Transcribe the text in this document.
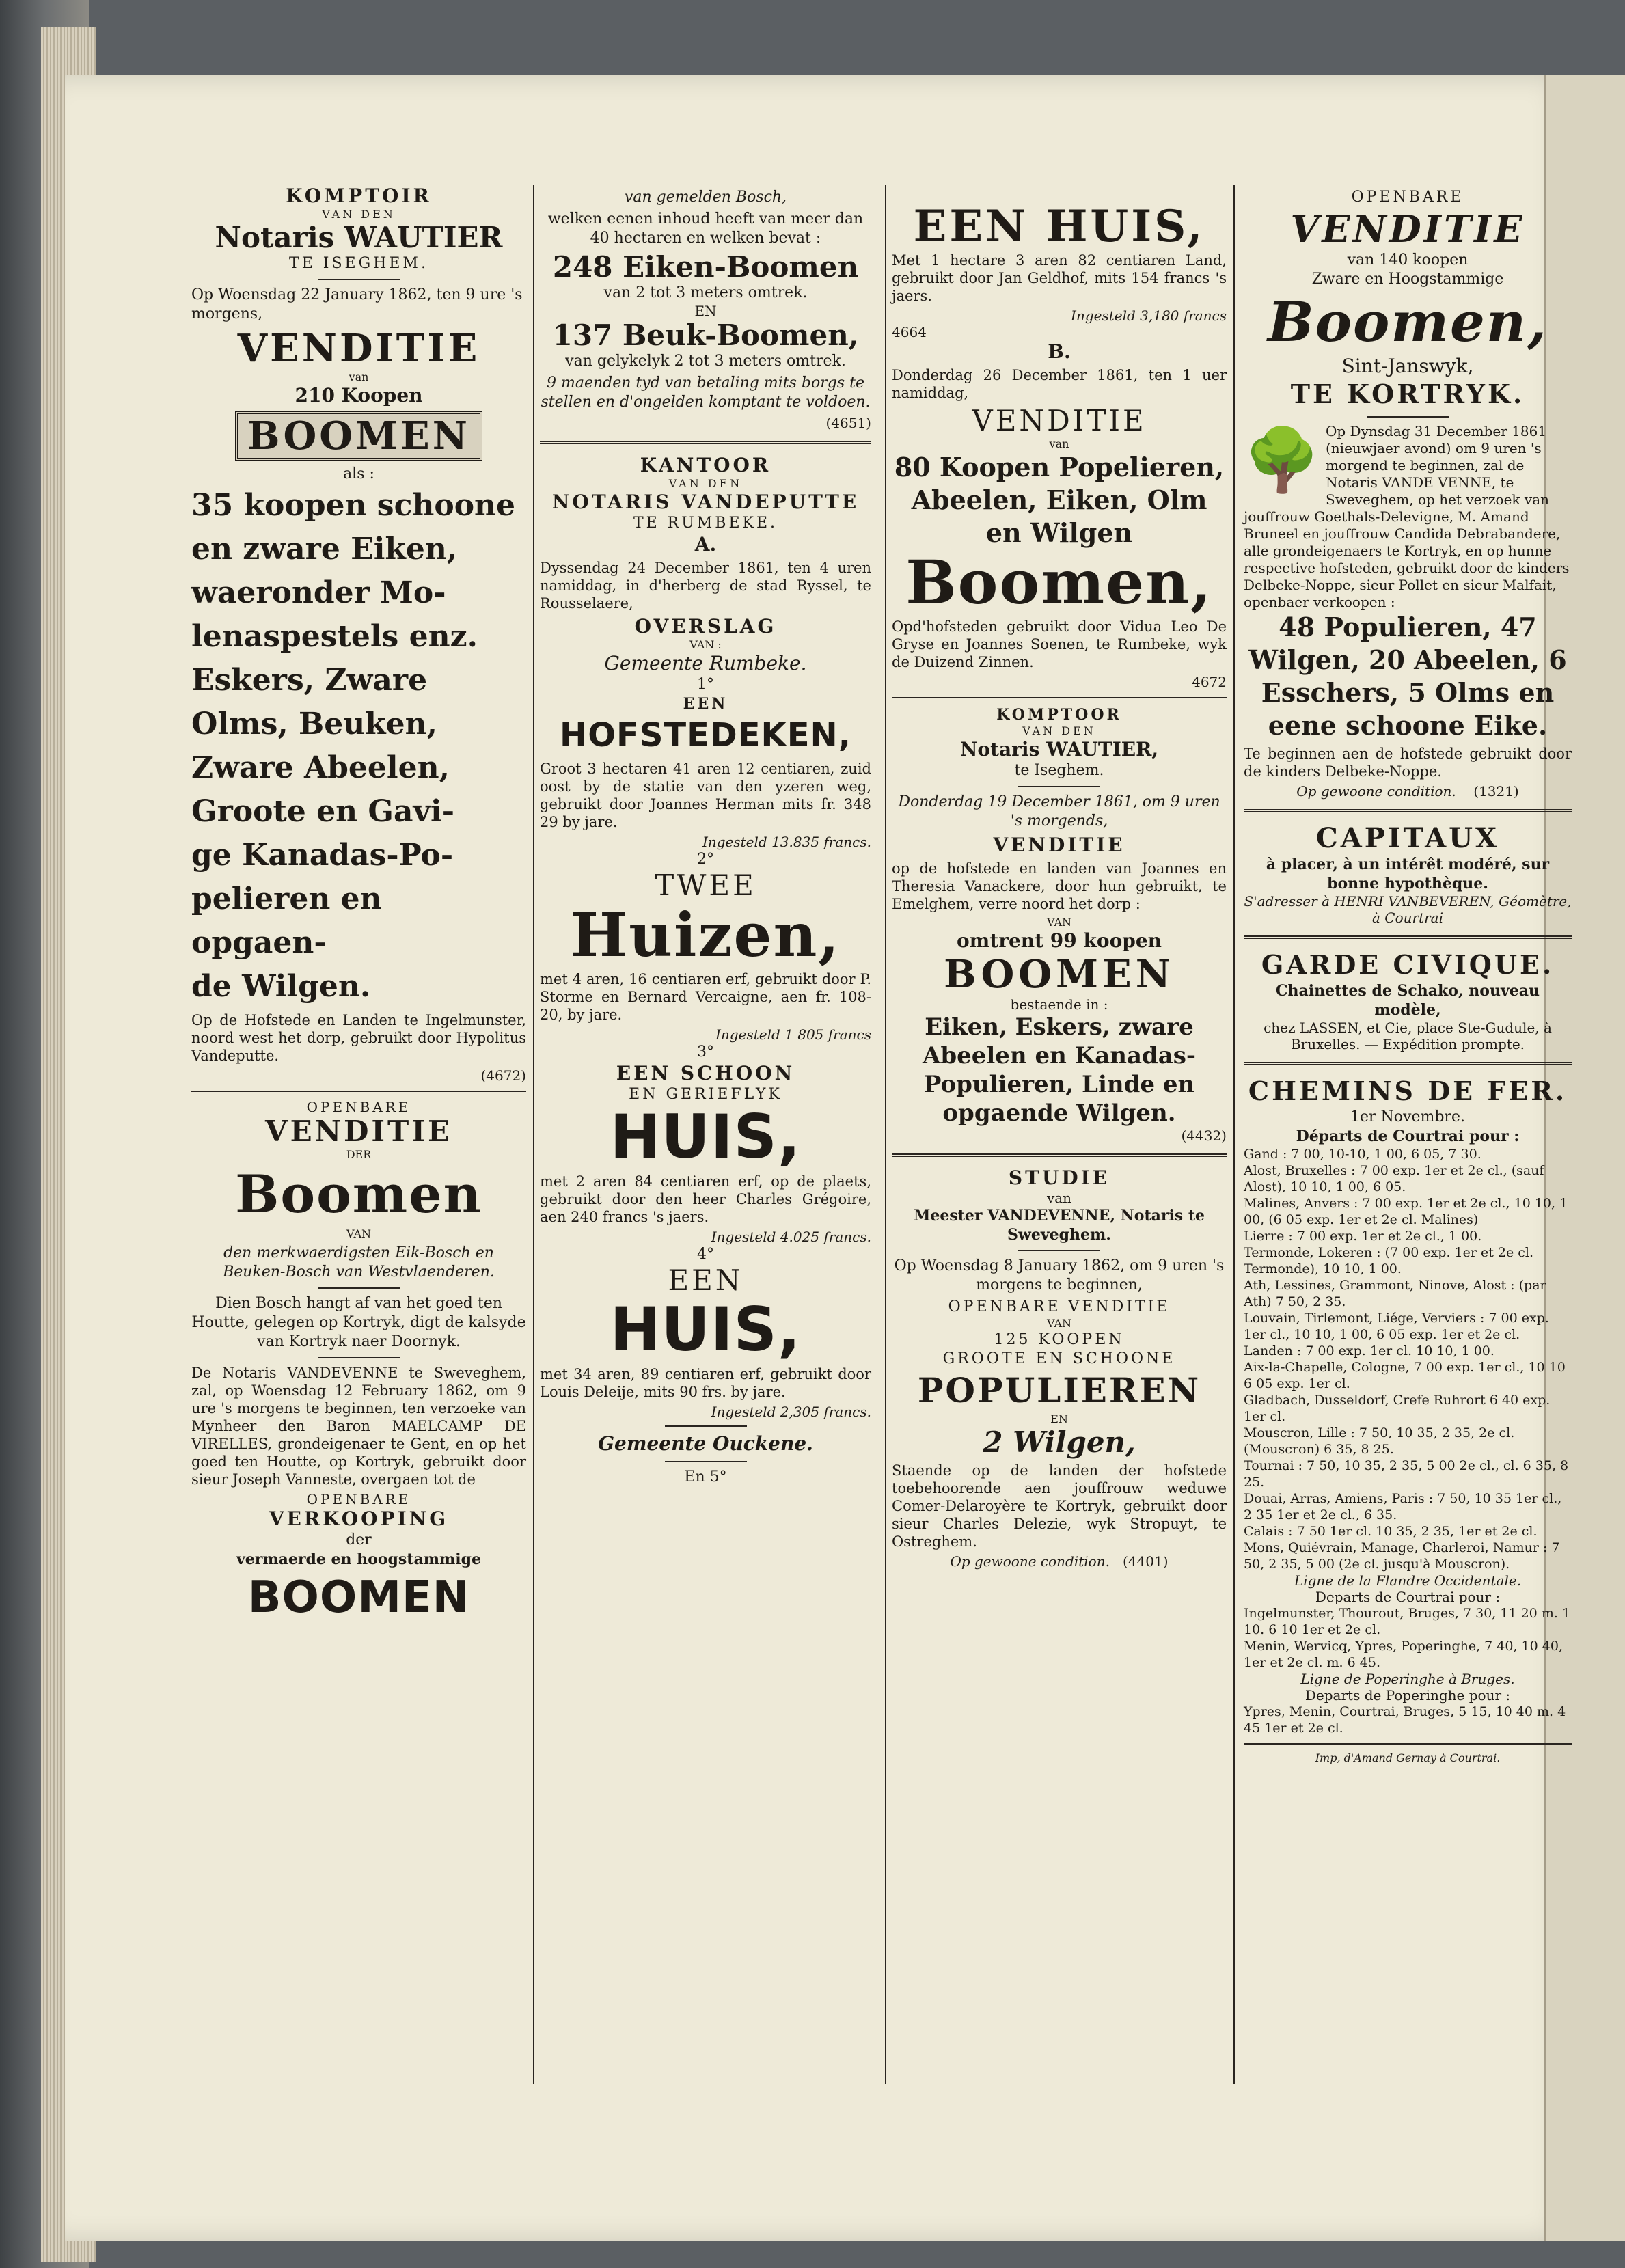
KOMPTOIR
VAN DEN
Notaris WAUTIER
TE ISEGHEM.

Op Woensdag 22 January 1862, ten 9 ure 's morgens,

VENDITIE
van
210 Koopen
BOOMEN
als :
35 koopen schoone
en zware Eiken,
waeronder Mo-
lenaspestels enz.
Eskers, Zware
Olms, Beuken,
Zware Abeelen,
Groote en Gavi-
ge Kanadas-Po-
pelieren en opgaen-
de Wilgen.

Op de Hofstede en Landen te Ingelmunster, noord west het dorp, gebruikt door Hypolitus Vandeputte.

(4672)
OPENBARE
VENDITIE
DER
Boomen
VAN

den merkwaerdigsten Eik-Bosch en Beuken-Bosch van Westvlaenderen.

Dien Bosch hangt af van het goed ten Houtte, gelegen op Kortryk, digt de kalsyde van Kortryk naer Doornyk.

De Notaris VANDEVENNE te Sweveghem, zal, op Woensdag 12 February 1862, om 9 ure 's morgens te beginnen, ten verzoeke van Mynheer den Baron MAELCAMP DE VIRELLES, grondeigenaer te Gent, en op het goed ten Houtte, op Kortryk, gebruikt door sieur Joseph Vanneste, overgaen tot de

OPENBARE
VERKOOPING
der
vermaerde en hoogstammige
BOOMEN
van gemelden Bosch,

welken eenen inhoud heeft van meer dan 40 hectaren en welken bevat :

248 Eiken-Boomen
van 2 tot 3 meters omtrek.
EN
137 Beuk-Boomen,
van gelykelyk 2 tot 3 meters omtrek.

9 maenden tyd van betaling mits borgs te stellen en d'ongelden komptant te voldoen.

(4651)
KANTOOR
VAN DEN
NOTARIS VANDEPUTTE
TE RUMBEKE.
A.

Dyssendag 24 December 1861, ten 4 uren namiddag, in d'herberg de stad Ryssel, te Rousselaere,

OVERSLAG
VAN :
Gemeente Rumbeke.
1°
EEN
HOFSTEDEKEN,

Groot 3 hectaren 41 aren 12 centiaren, zuid oost by de statie van den yzeren weg, gebruikt door Joannes Herman mits fr. 348 29 by jare.

Ingesteld 13.835 francs.
2°
TWEE
Huizen,

met 4 aren, 16 centiaren erf, gebruikt door P. Storme en Bernard Vercaigne, aen fr. 108-20, by jare.

Ingesteld 1 805 francs
3°
EEN SCHOON
EN GERIEFLYK
HUIS,

met 2 aren 84 centiaren erf, op de plaets, gebruikt door den heer Charles Grégoire, aen 240 francs 's jaers.

Ingesteld 4.025 francs.
4°
EEN
HUIS,

met 34 aren, 89 centiaren erf, gebruikt door Louis Deleije, mits 90 frs. by jare.

Ingesteld 2,305 francs.
Gemeente Ouckene.
En 5°
EEN HUIS,

Met 1 hectare 3 aren 82 centiaren Land, gebruikt door Jan Geldhof, mits 154 francs 's jaers.

Ingesteld 3,180 francs
4664
B.

Donderdag 26 December 1861, ten 1 uer namiddag,

VENDITIE
van
80 Koopen Popelieren, Abeelen, Eiken, Olm en Wilgen
Boomen,

Opd'hofsteden gebruikt door Vidua Leo De Gryse en Joannes Soenen, te Rumbeke, wyk de Duizend Zinnen.

4672
KOMPTOOR
VAN DEN
Notaris WAUTIER,
te Iseghem.

Donderdag 19 December 1861, om 9 uren 's morgends,

VENDITIE

op de hofstede en landen van Joannes en Theresia Vanackere, door hun gebruikt, te Emelghem, verre noord het dorp :

VAN
omtrent 99 koopen
BOOMEN
bestaende in :
Eiken, Eskers, zware Abeelen en Kanadas-Populieren, Linde en opgaende Wilgen.
(4432)
STUDIE
van
Meester VANDEVENNE, Notaris te Sweveghem.

Op Woensdag 8 January 1862, om 9 uren 's morgens te beginnen,

OPENBARE VENDITIE
VAN
125 KOOPEN
GROOTE EN SCHOONE
POPULIEREN
EN
2 Wilgen,

Staende op de landen der hofstede toebehoorende aen jouffrouw weduwe Comer-Delaroyère te Kortryk, gebruikt door sieur Charles Delezie, wyk Stropuyt, te Ostreghem.

Op gewoone condition. (4401)
OPENBARE
VENDITIE
van 140 koopen
Zware en Hoogstammige
Boomen,
Sint-Janswyk,
TE KORTRYK.
🌳 Op Dynsdag 31 December 1861 (nieuwjaer avond) om 9 uren 's morgend te beginnen, zal de Notaris VANDE VENNE, te Sweveghem, op het verzoek van jouffrouw Goethals-Delevigne, M. Amand Bruneel en jouffrouw Candida Debrabandere, alle grondeigenaers te Kortryk, en op hunne respective hofsteden, gebruikt door de kinders Delbeke-Noppe, sieur Pollet en sieur Malfait, openbaer verkoopen :
48 Populieren, 47 Wilgen, 20 Abeelen, 6 Esschers, 5 Olms en eene schoone Eike.

Te beginnen aen de hofstede gebruikt door de kinders Delbeke-Noppe.

Op gewoone condition. (1321)
CAPITAUX
à placer, à un intérêt modéré, sur bonne hypothèque.
S'adresser à HENRI VANBEVEREN, Géomètre, à Courtrai
GARDE CIVIQUE.
Chainettes de Schako, nouveau modèle,
chez LASSEN, et Cie, place Ste-Gudule, à Bruxelles. — Expédition prompte.
CHEMINS DE FER.
1er Novembre.
Départs de Courtrai pour :
Gand : 7 00, 10-10, 1 00, 6 05, 7 30.
Alost, Bruxelles : 7 00 exp. 1er et 2e cl., (sauf Alost), 10 10, 1 00, 6 05.
Malines, Anvers : 7 00 exp. 1er et 2e cl., 10 10, 1 00, (6 05 exp. 1er et 2e cl. Malines)
Lierre : 7 00 exp. 1er et 2e cl., 1 00.
Termonde, Lokeren : (7 00 exp. 1er et 2e cl. Termonde), 10 10, 1 00.
Ath, Lessines, Grammont, Ninove, Alost : (par Ath) 7 50, 2 35.
Louvain, Tirlemont, Liége, Verviers : 7 00 exp. 1er cl., 10 10, 1 00, 6 05 exp. 1er et 2e cl.
Landen : 7 00 exp. 1er cl. 10 10, 1 00.
Aix-la-Chapelle, Cologne, 7 00 exp. 1er cl., 10 10 6 05 exp. 1er cl.
Gladbach, Dusseldorf, Crefe Ruhrort 6 40 exp. 1er cl.
Mouscron, Lille : 7 50, 10 35, 2 35, 2e cl. (Mouscron) 6 35, 8 25.
Tournai : 7 50, 10 35, 2 35, 5 00 2e cl., cl. 6 35, 8 25.
Douai, Arras, Amiens, Paris : 7 50, 10 35 1er cl., 2 35 1er et 2e cl., 6 35.
Calais : 7 50 1er cl. 10 35, 2 35, 1er et 2e cl.
Mons, Quiévrain, Manage, Charleroi, Namur : 7 50, 2 35, 5 00 (2e cl. jusqu'à Mouscron).
Ligne de la Flandre Occidentale.
Departs de Courtrai pour :
Ingelmunster, Thourout, Bruges, 7 30, 11 20 m. 1 10. 6 10 1er et 2e cl.
Menin, Wervicq, Ypres, Poperinghe, 7 40, 10 40, 1er et 2e cl. m. 6 45.
Ligne de Poperinghe à Bruges.
Departs de Poperinghe pour :
Ypres, Menin, Courtrai, Bruges, 5 15, 10 40 m. 4 45 1er et 2e cl.
Imp, d'Amand Gernay à Courtrai.
